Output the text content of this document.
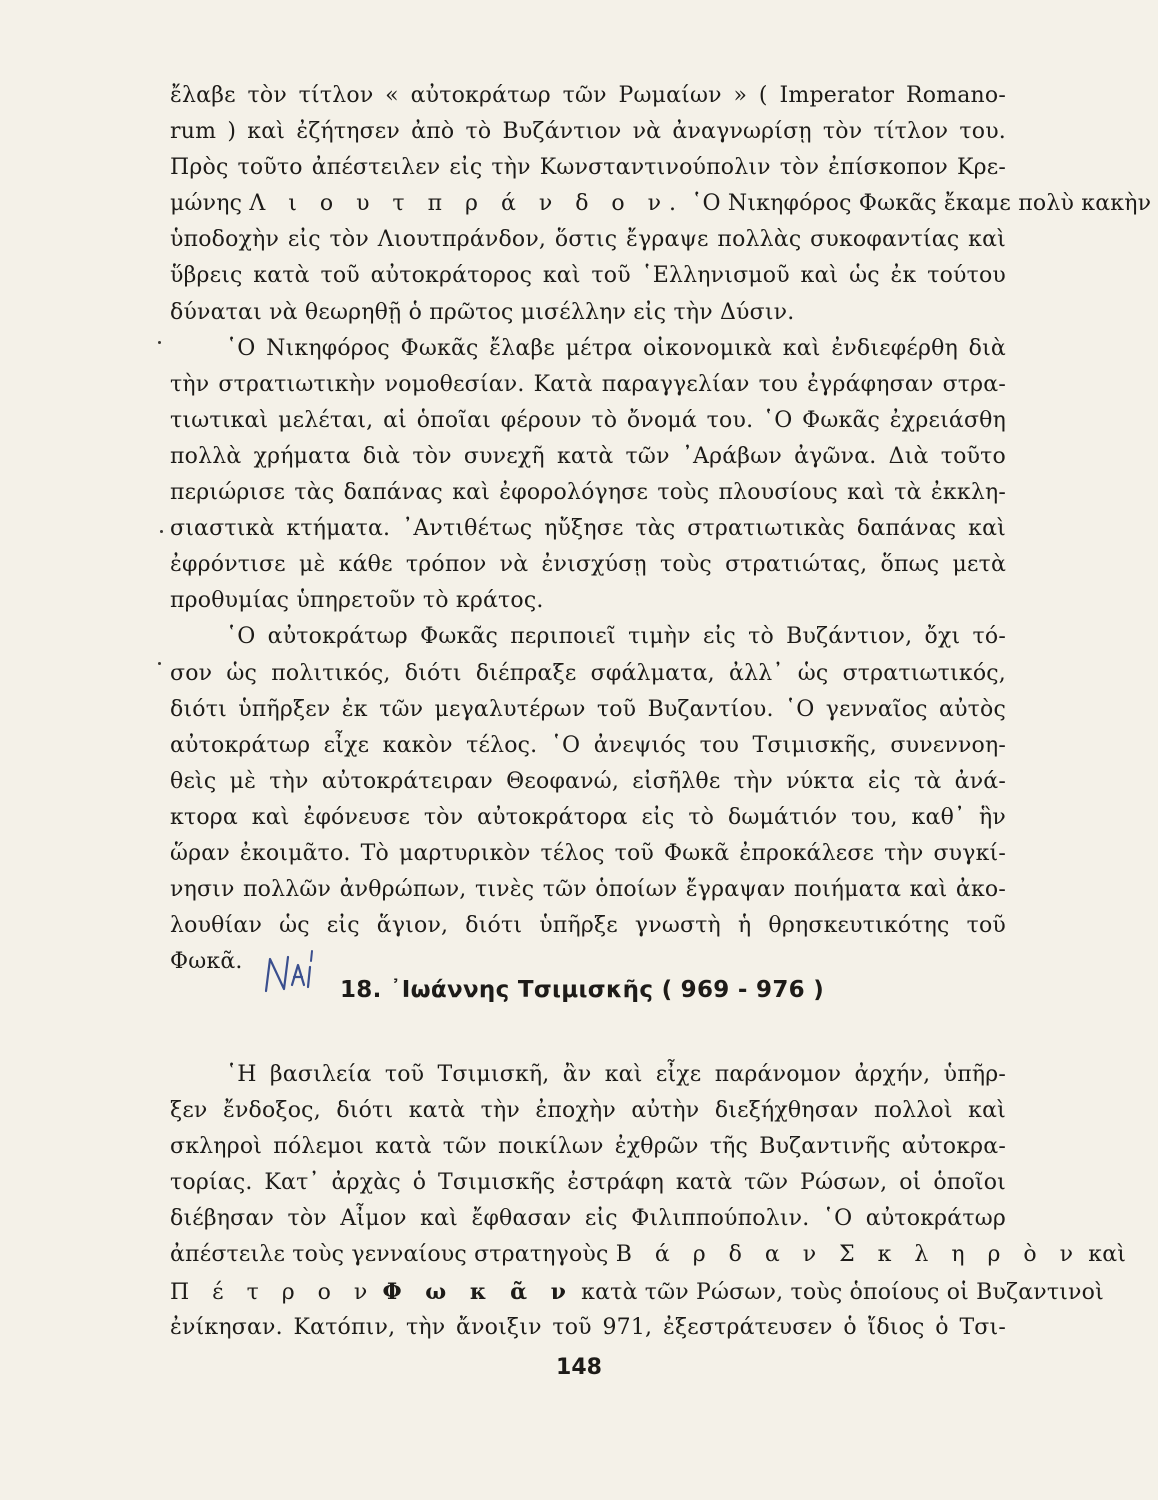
ἔλαβε τὸν τίτλον « αὐτοκράτωρ τῶν Ρωμαίων » ( Imperator Romano-
rum ) καὶ ἐζήτησεν ἀπὸ τὸ Βυζάντιον νὰ ἀναγνωρίσῃ τὸν τίτλον του.
Πρὸς τοῦτο ἀπέστειλεν εἰς τὴν Κωνσταντινούπολιν τὸν ἐπίσκοπον Κρε-
μώνης Λ ι ο υ τ π ρ ά ν δ ο ν. ῾Ο Νικηφόρος Φωκᾶς ἔκαμε πολὺ κακὴν
ὑποδοχὴν εἰς τὸν Λιουτπράνδον, ὅστις ἔγραψε πολλὰς συκοφαντίας καὶ
ὕβρεις κατὰ τοῦ αὐτοκράτορος καὶ τοῦ ῾Ελληνισμοῦ καὶ ὡς ἐκ τούτου
δύναται νὰ θεωρηθῇ ὁ πρῶτος μισέλλην εἰς τὴν Δύσιν.
῾Ο Νικηφόρος Φωκᾶς ἔλαβε μέτρα οἰκονομικὰ καὶ ἐνδιεφέρθη διὰ
τὴν στρατιωτικὴν νομοθεσίαν. Κατὰ παραγγελίαν του ἐγράφησαν στρα-
τιωτικαὶ μελέται, αἱ ὁποῖαι φέρουν τὸ ὄνομά του. ῾Ο Φωκᾶς ἐχρειάσθη
πολλὰ χρήματα διὰ τὸν συνεχῆ κατὰ τῶν ᾿Αράβων ἀγῶνα. Διὰ τοῦτο
περιώρισε τὰς δαπάνας καὶ ἐφορολόγησε τοὺς πλουσίους καὶ τὰ ἐκκλη-
σιαστικὰ κτήματα. ᾿Αντιθέτως ηὔξησε τὰς στρατιωτικὰς δαπάνας καὶ
ἐφρόντισε μὲ κάθε τρόπον νὰ ἐνισχύσῃ τοὺς στρατιώτας, ὅπως μετὰ
προθυμίας ὑπηρετοῦν τὸ κράτος.
῾Ο αὐτοκράτωρ Φωκᾶς περιποιεῖ τιμὴν εἰς τὸ Βυζάντιον, ὄχι τό-
σον ὡς πολιτικός, διότι διέπραξε σφάλματα, ἀλλ᾿ ὡς στρατιωτικός,
διότι ὑπῆρξεν ἐκ τῶν μεγαλυτέρων τοῦ Βυζαντίου. ῾Ο γενναῖος αὐτὸς
αὐτοκράτωρ εἶχε κακὸν τέλος. ῾Ο ἀνεψιός του Τσιμισκῆς, συνεννοη-
θεὶς μὲ τὴν αὐτοκράτειραν Θεοφανώ, εἰσῆλθε τὴν νύκτα εἰς τὰ ἀνά-
κτορα καὶ ἐφόνευσε τὸν αὐτοκράτορα εἰς τὸ δωμάτιόν του, καθ᾿ ἣν
ὥραν ἐκοιμᾶτο. Τὸ μαρτυρικὸν τέλος τοῦ Φωκᾶ ἐπροκάλεσε τὴν συγκί-
νησιν πολλῶν ἀνθρώπων, τινὲς τῶν ὁποίων ἔγραψαν ποιήματα καὶ ἀκο-
λουθίαν ὡς εἰς ἅγιον, διότι ὑπῆρξε γνωστὴ ἡ θρησκευτικότης τοῦ
Φωκᾶ.
18. ᾿Ιωάννης Τσιμισκῆς ( 969 - 976 )
῾Η βασιλεία τοῦ Τσιμισκῆ, ἂν καὶ εἶχε παράνομον ἀρχήν, ὑπῆρ-
ξεν ἔνδοξος, διότι κατὰ τὴν ἐποχὴν αὐτὴν διεξήχθησαν πολλοὶ καὶ
σκληροὶ πόλεμοι κατὰ τῶν ποικίλων ἐχθρῶν τῆς Βυζαντινῆς αὐτοκρα-
τορίας. Κατ᾿ ἀρχὰς ὁ Τσιμισκῆς ἐστράφη κατὰ τῶν Ρώσων, οἱ ὁποῖοι
διέβησαν τὸν Αἶμον καὶ ἔφθασαν εἰς Φιλιππούπολιν. ῾Ο αὐτοκράτωρ
ἀπέστειλε τοὺς γενναίους στρατηγοὺς Β ά ρ δ α ν Σ κ λ η ρ ὸ ν καὶ
Π έ τ ρ ο ν Φ ω κ ᾶ ν κατὰ τῶν Ρώσων, τοὺς ὁποίους οἱ Βυζαντινοὶ
ἐνίκησαν. Κατόπιν, τὴν ἄνοιξιν τοῦ 971, ἐξεστράτευσεν ὁ ἴδιος ὁ Τσι-
148
